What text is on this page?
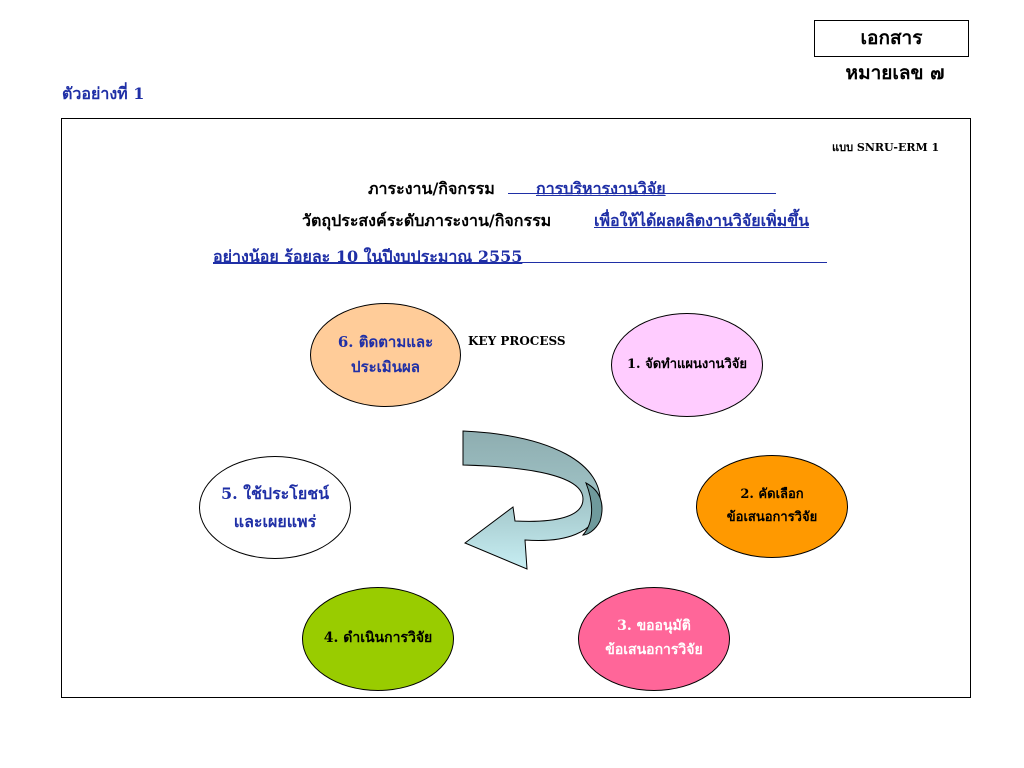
เอกสาร
หมายเลข ๗
ตัวอย่างที่ 1
แบบ SNRU-ERM 1
ภาระงาน/กิจกรรม	การบริหารงานวิจัย
วัตถุประสงค์ระดับภาระงาน/กิจกรรม	เพื่อให้ได้ผลผลิตงานวิจัยเพิ่มขึ้น
อย่างน้อย ร้อยละ 10 ในปีงบประมาณ 2555
KEY PROCESS
1. จัดทำแผนงานวิจัย
2. คัดเลือก
ข้อเสนอการวิจัย
3. ขออนุมัติ
ข้อเสนอการวิจัย
4. ดำเนินการวิจัย
5. ใช้ประโยชน์
และเผยแพร่
6. ติดตามและ
ประเมินผล
